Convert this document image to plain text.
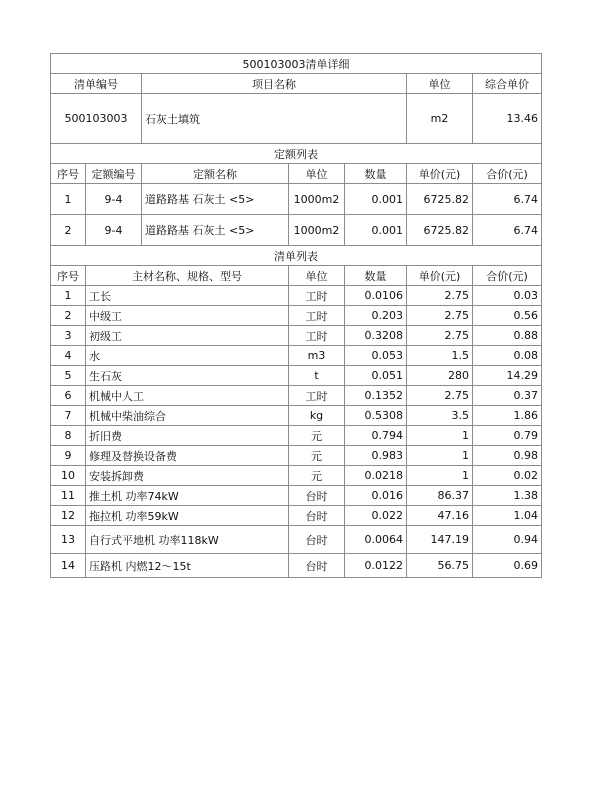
500103003清单详细						
清单编号		项目名称			单位	综合单价
500103003		石灰土填筑			m2	13.46
定额列表						
序号	定额编号	定额名称	单位	数量	单价(元)	合价(元)
1	9-4	道路路基 石灰土 <5>	1000m2	0.001	6725.82	6.74
2	9-4	道路路基 石灰土 <5>	1000m2	0.001	6725.82	6.74
清单列表						
序号	主材名称、规格、型号		单位	数量	单价(元)	合价(元)
1	工长		工时	0.0106	2.75	0.03
2	中级工		工时	0.203	2.75	0.56
3	初级工		工时	0.3208	2.75	0.88
4	水		m3	0.053	1.5	0.08
5	生石灰		t	0.051	280	14.29
6	机械中人工		工时	0.1352	2.75	0.37
7	机械中柴油综合		kg	0.5308	3.5	1.86
8	折旧费		元	0.794	1	0.79
9	修理及替换设备费		元	0.983	1	0.98
10	安装拆卸费		元	0.0218	1	0.02
11	推土机 功率74kW		台时	0.016	86.37	1.38
12	拖拉机 功率59kW		台时	0.022	47.16	1.04
13	自行式平地机 功率118kW		台时	0.0064	147.19	0.94
14	压路机 内燃12～15t		台时	0.0122	56.75	0.69
